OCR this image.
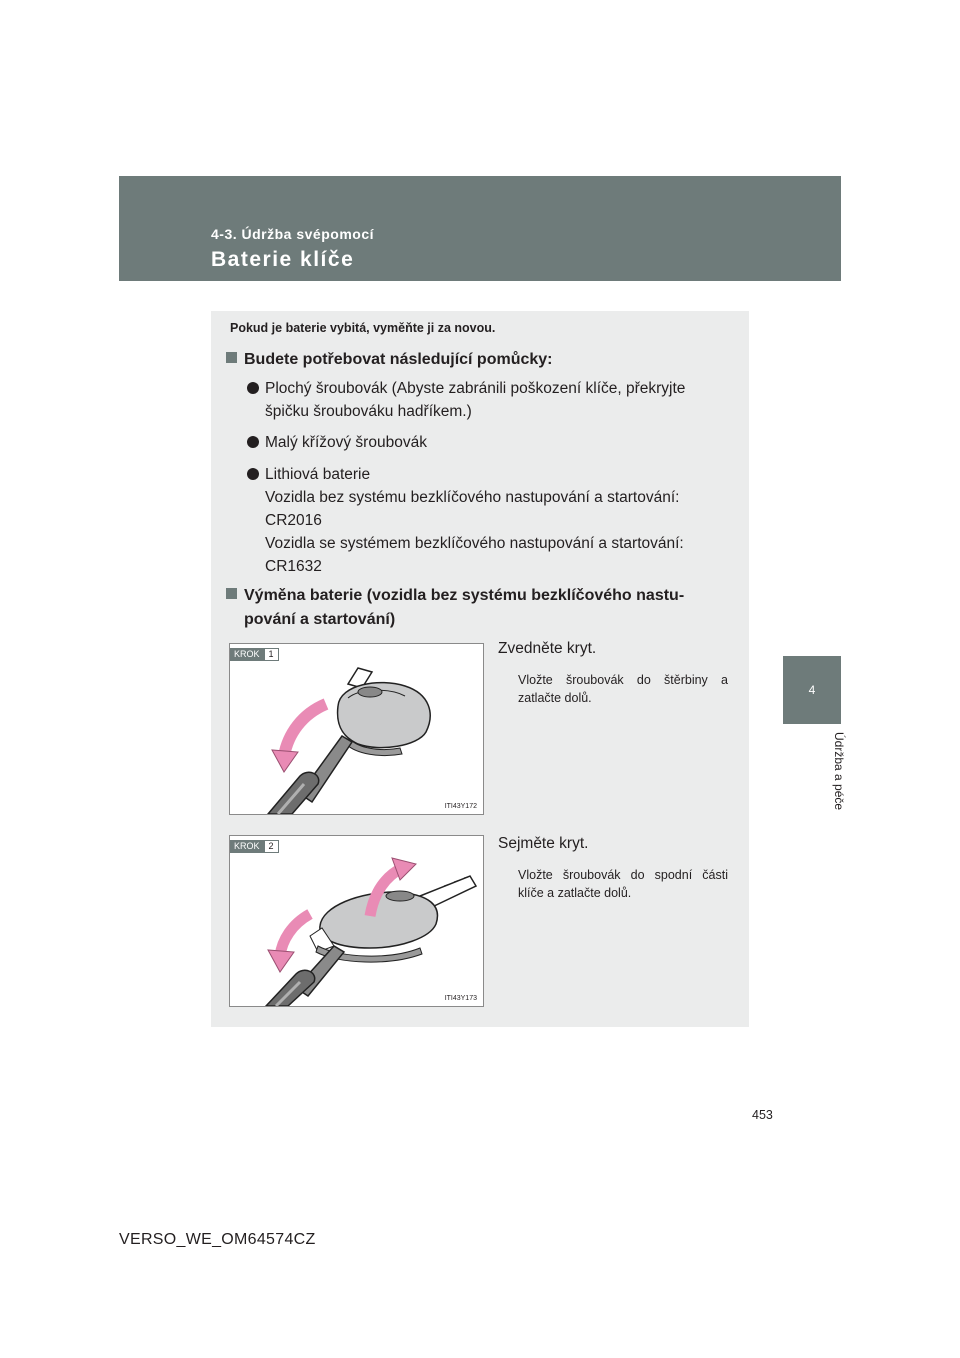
4-3. Údržba svépomocí
Baterie klíče
4
Údržba a péče
Pokud je baterie vybitá, vyměňte ji za novou.
Budete potřebovat následující pomůcky:
Plochý šroubovák (Abyste zabránili poškození klíče, překryjte
špičku šroubováku hadříkem.)
Malý křížový šroubovák
Lithiová baterie
Vozidla bez systému bezklíčového nastupování a startování:
CR2016
Vozidla se systémem bezklíčového nastupování a startování:
CR1632
Výměna baterie (vozidla bez systému bezklíčového nastu-
pování a startování)
KROK	1
ITI43Y172
Zvedněte kryt.
Vložte šroubovák do štěrbiny a zatlačte dolů.
KROK	2
ITI43Y173
Sejměte kryt.
Vložte šroubovák do spodní části klíče a zatlačte dolů.
453
VERSO_WE_OM64574CZ
